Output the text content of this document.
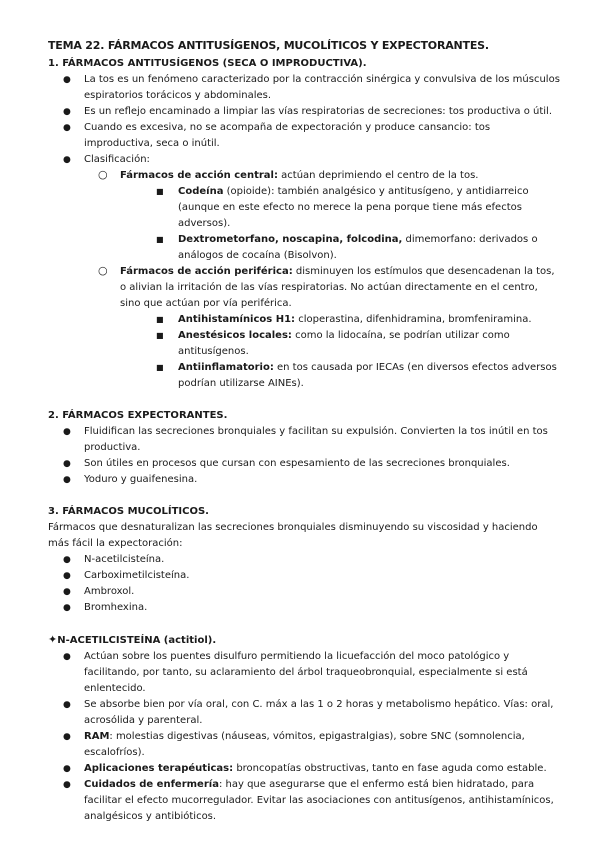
TEMA 22. FÁRMACOS ANTITUSÍGENOS, MUCOLÍTICOS Y EXPECTORANTES.
1. FÁRMACOS ANTITUSÍGENOS (SECA O IMPRODUCTIVA).
● La tos es un fenómeno caracterizado por la contracción sinérgica y convulsiva de los músculos espiratorios torácicos y abdominales.
● Es un reflejo encaminado a limpiar las vías respiratorias de secreciones: tos productiva o útil.
● Cuando es excesiva, no se acompaña de expectoración y produce cansancio: tos improductiva, seca o inútil.
● Clasificación:
○ Fármacos de acción central: actúan deprimiendo el centro de la tos.
■ Codeína (opioide): también analgésico y antitusígeno, y antidiarreico (aunque en este efecto no merece la pena porque tiene más efectos adversos).
■ Dextrometorfano, noscapina, folcodina, dimemorfano: derivados o análogos de cocaína (Bisolvon).
○ Fármacos de acción periférica: disminuyen los estímulos que desencadenan la tos, o alivian la irritación de las vías respiratorias. No actúan directamente en el centro, sino que actúan por vía periférica.
■ Antihistamínicos H1: cloperastina, difenhidramina, bromfeniramina.
■ Anestésicos locales: como la lidocaína, se podrían utilizar como antitusígenos.
■ Antiinflamatorio: en tos causada por IECAs (en diversos efectos adversos podrían utilizarse AINEs).
2. FÁRMACOS EXPECTORANTES.
● Fluidifican las secreciones bronquiales y facilitan su expulsión. Convierten la tos inútil en tos productiva.
● Son útiles en procesos que cursan con espesamiento de las secreciones bronquiales.
● Yoduro y guaifenesina.
3. FÁRMACOS MUCOLÍTICOS.

Fármacos que desnaturalizan las secreciones bronquiales disminuyendo su viscosidad y haciendo más fácil la expectoración:

● N-acetilcisteína.
● Carboximetilcisteína.
● Ambroxol.
● Bromhexina.
✦N-ACETILCISTEÍNA (actitiol).
● Actúan sobre los puentes disulfuro permitiendo la licuefacción del moco patológico y facilitando, por tanto, su aclaramiento del árbol traqueobronquial, especialmente si está enlentecido.
● Se absorbe bien por vía oral, con C. máx a las 1 o 2 horas y metabolismo hepático. Vías: oral, acrosólida y parenteral.
● RAM: molestias digestivas (náuseas, vómitos, epigastralgias), sobre SNC (somnolencia, escalofríos).
● Aplicaciones terapéuticas: broncopatías obstructivas, tanto en fase aguda como estable.
● Cuidados de enfermería: hay que asegurarse que el enfermo está bien hidratado, para facilitar el efecto mucorregulador. Evitar las asociaciones con antitusígenos, antihistamínicos, analgésicos y antibióticos.
